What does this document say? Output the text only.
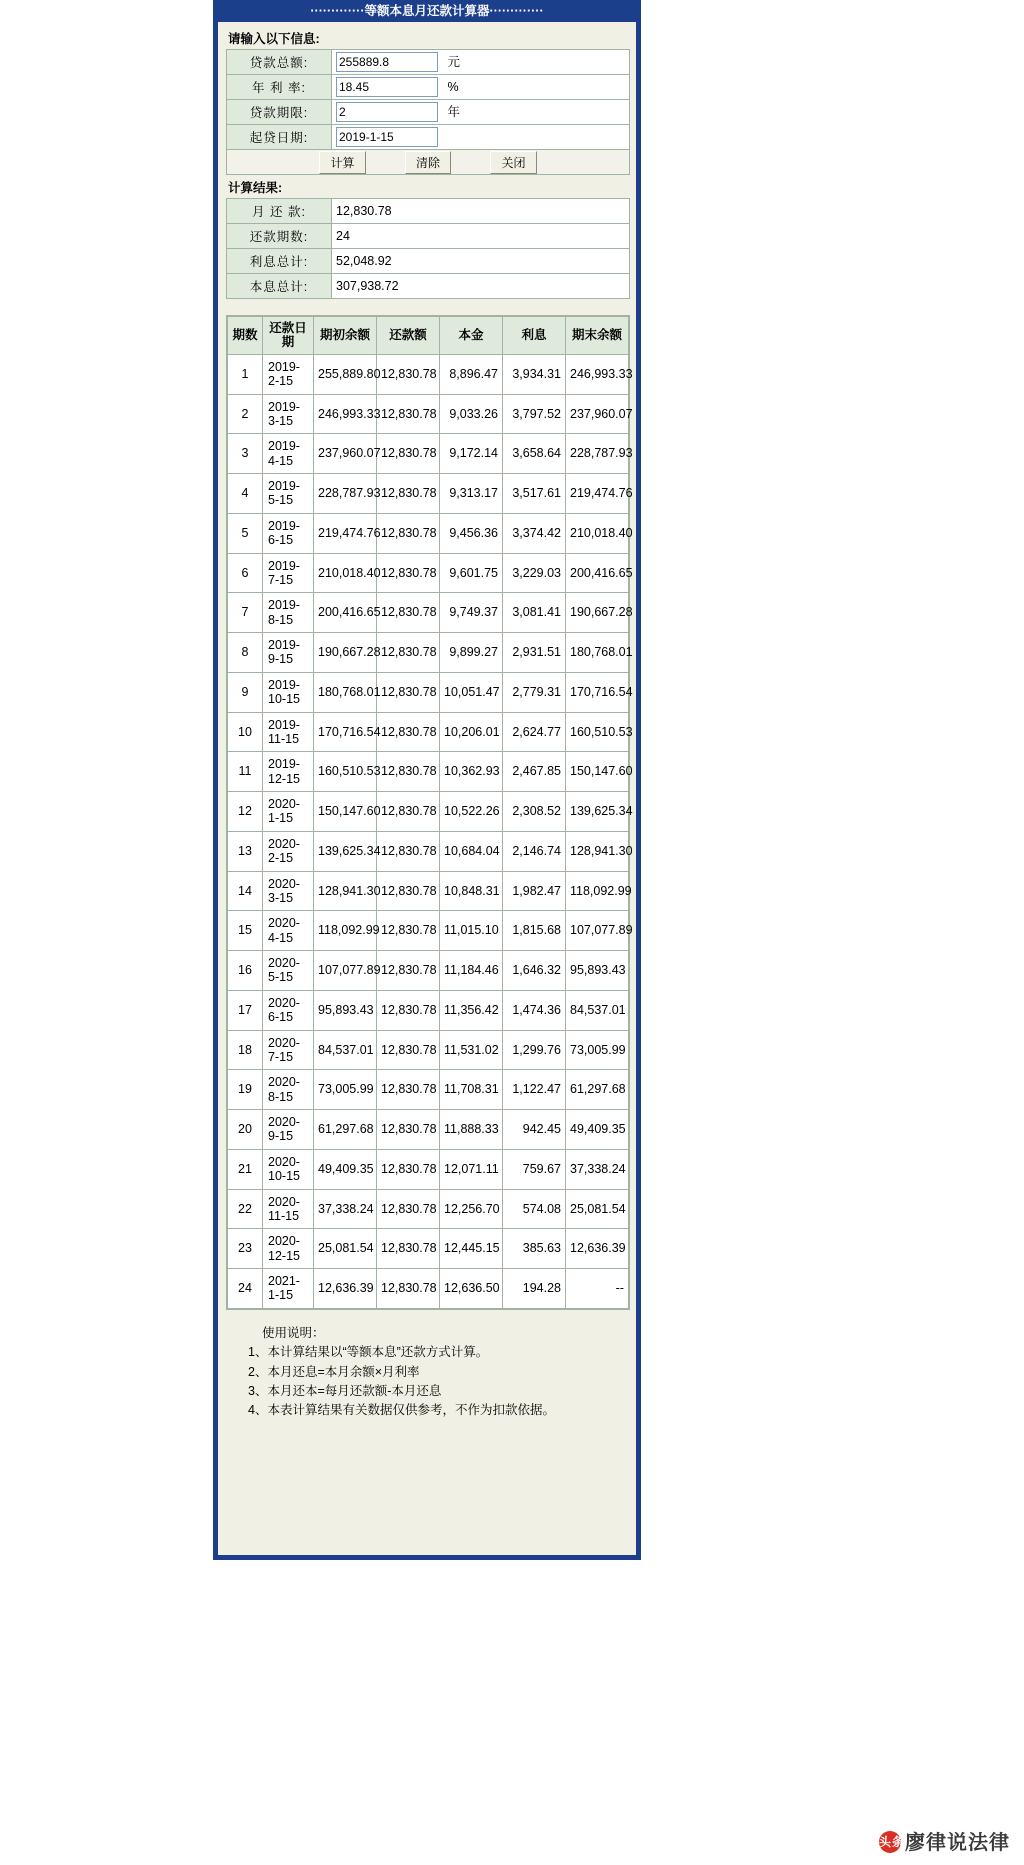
·············等额本息月还款计算器·············
请输入以下信息:
贷款总额:	255889.8元
年 利 率:	18.45%
贷款期限:	2年
起贷日期:	2019-1-15
计算 清除 关闭	
计算结果:
月 还 款:	12,830.78
还款期数:	24
利息总计:	52,048.92
本息总计:	307,938.72
期数	还款日期	期初余额	还款额	本金	利息	期末余额
1	2019-2-15	255,889.80	12,830.78	8,896.47	3,934.31	246,993.33
2	2019-3-15	246,993.33	12,830.78	9,033.26	3,797.52	237,960.07
3	2019-4-15	237,960.07	12,830.78	9,172.14	3,658.64	228,787.93
4	2019-5-15	228,787.93	12,830.78	9,313.17	3,517.61	219,474.76
5	2019-6-15	219,474.76	12,830.78	9,456.36	3,374.42	210,018.40
6	2019-7-15	210,018.40	12,830.78	9,601.75	3,229.03	200,416.65
7	2019-8-15	200,416.65	12,830.78	9,749.37	3,081.41	190,667.28
8	2019-9-15	190,667.28	12,830.78	9,899.27	2,931.51	180,768.01
9	2019-10-15	180,768.01	12,830.78	10,051.47	2,779.31	170,716.54
10	2019-11-15	170,716.54	12,830.78	10,206.01	2,624.77	160,510.53
11	2019-12-15	160,510.53	12,830.78	10,362.93	2,467.85	150,147.60
12	2020-1-15	150,147.60	12,830.78	10,522.26	2,308.52	139,625.34
13	2020-2-15	139,625.34	12,830.78	10,684.04	2,146.74	128,941.30
14	2020-3-15	128,941.30	12,830.78	10,848.31	1,982.47	118,092.99
15	2020-4-15	118,092.99	12,830.78	11,015.10	1,815.68	107,077.89
16	2020-5-15	107,077.89	12,830.78	11,184.46	1,646.32	95,893.43
17	2020-6-15	95,893.43	12,830.78	11,356.42	1,474.36	84,537.01
18	2020-7-15	84,537.01	12,830.78	11,531.02	1,299.76	73,005.99
19	2020-8-15	73,005.99	12,830.78	11,708.31	1,122.47	61,297.68
20	2020-9-15	61,297.68	12,830.78	11,888.33	942.45	49,409.35
21	2020-10-15	49,409.35	12,830.78	12,071.11	759.67	37,338.24
22	2020-11-15	37,338.24	12,830.78	12,256.70	574.08	25,081.54
23	2020-12-15	25,081.54	12,830.78	12,445.15	385.63	12,636.39
24	2021-1-15	12,636.39	12,830.78	12,636.50	194.28	--
使用说明：
1、本计算结果以“等额本息”还款方式计算。
2、本月还息=本月余额×月利率
3、本月还本=每月还款额-本月还息
4、本表计算结果有关数据仅供参考，不作为扣款依据。
头条廖律说法律
